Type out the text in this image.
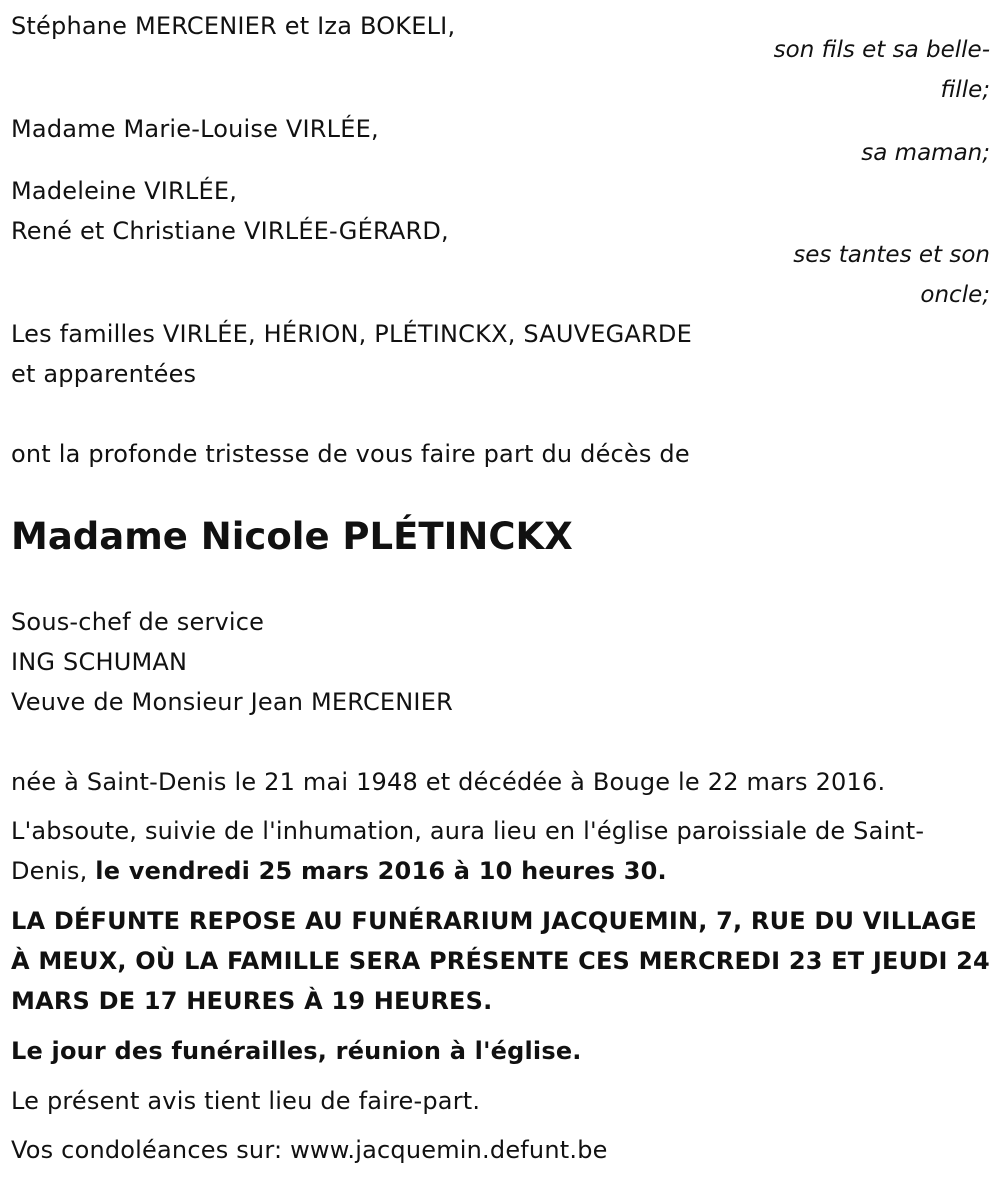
Stéphane MERCENIER et Iza BOKELI,
son fils et sa belle-
fille;
Madame Marie-Louise VIRLÉE,
sa maman;
Madeleine VIRLÉE,
René et Christiane VIRLÉE-GÉRARD,
ses tantes et son
oncle;
Les familles VIRLÉE, HÉRION, PLÉTINCKX, SAUVEGARDE
et apparentées
ont la profonde tristesse de vous faire part du décès de
Madame Nicole PLÉTINCKX
Sous-chef de service
ING SCHUMAN
Veuve de Monsieur Jean MERCENIER
née à Saint-Denis le 21 mai 1948 et décédée à Bouge le 22 mars 2016.
L'absoute, suivie de l'inhumation, aura lieu en l'église paroissiale de Saint-
Denis, le vendredi 25 mars 2016 à 10 heures 30.
LA DÉFUNTE REPOSE AU FUNÉRARIUM JACQUEMIN, 7, RUE DU VILLAGE
À MEUX, OÙ LA FAMILLE SERA PRÉSENTE CES MERCREDI 23 ET JEUDI 24
MARS DE 17 HEURES À 19 HEURES.
Le jour des funérailles, réunion à l'église.
Le présent avis tient lieu de faire-part.
Vos condoléances sur: www.jacquemin.defunt.be
